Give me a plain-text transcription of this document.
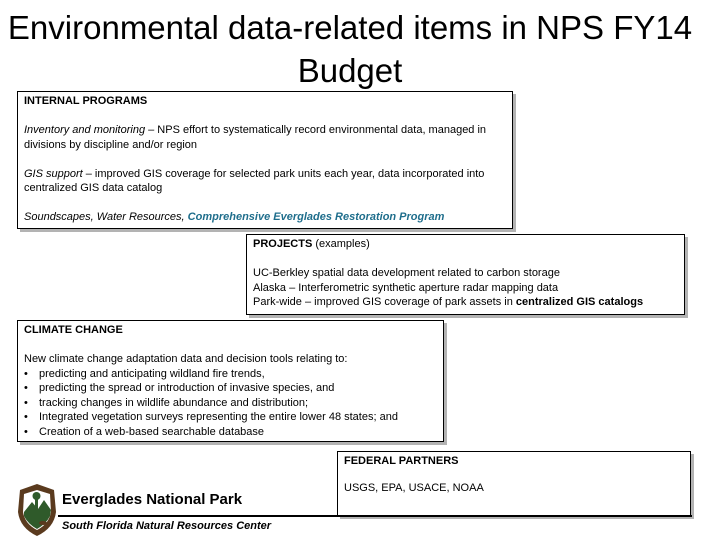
Environmental data-related items in NPS FY14 Budget

INTERNAL PROGRAMS

Inventory and monitoring – NPS effort to systematically record environmental data, managed in divisions by discipline and/or region

GIS support – improved GIS coverage for selected park units each year, data incorporated into centralized GIS data catalog

Soundscapes, Water Resources, Comprehensive Everglades Restoration Program

PROJECTS (examples)

UC-Berkley spatial data development related to carbon storage

Alaska – Interferometric synthetic aperture radar mapping data

Park-wide – improved GIS coverage of park assets in centralized GIS catalogs

CLIMATE CHANGE

New climate change adaptation data and decision tools relating to:

• predicting and anticipating wildland fire trends,
• predicting the spread or introduction of invasive species, and
• tracking changes in wildlife abundance and distribution;
• Integrated vegetation surveys representing the entire lower 48 states; and
• Creation of a web-based searchable database

FEDERAL PARTNERS

USGS, EPA, USACE, NOAA

Everglades National Park
South Florida Natural Resources Center
